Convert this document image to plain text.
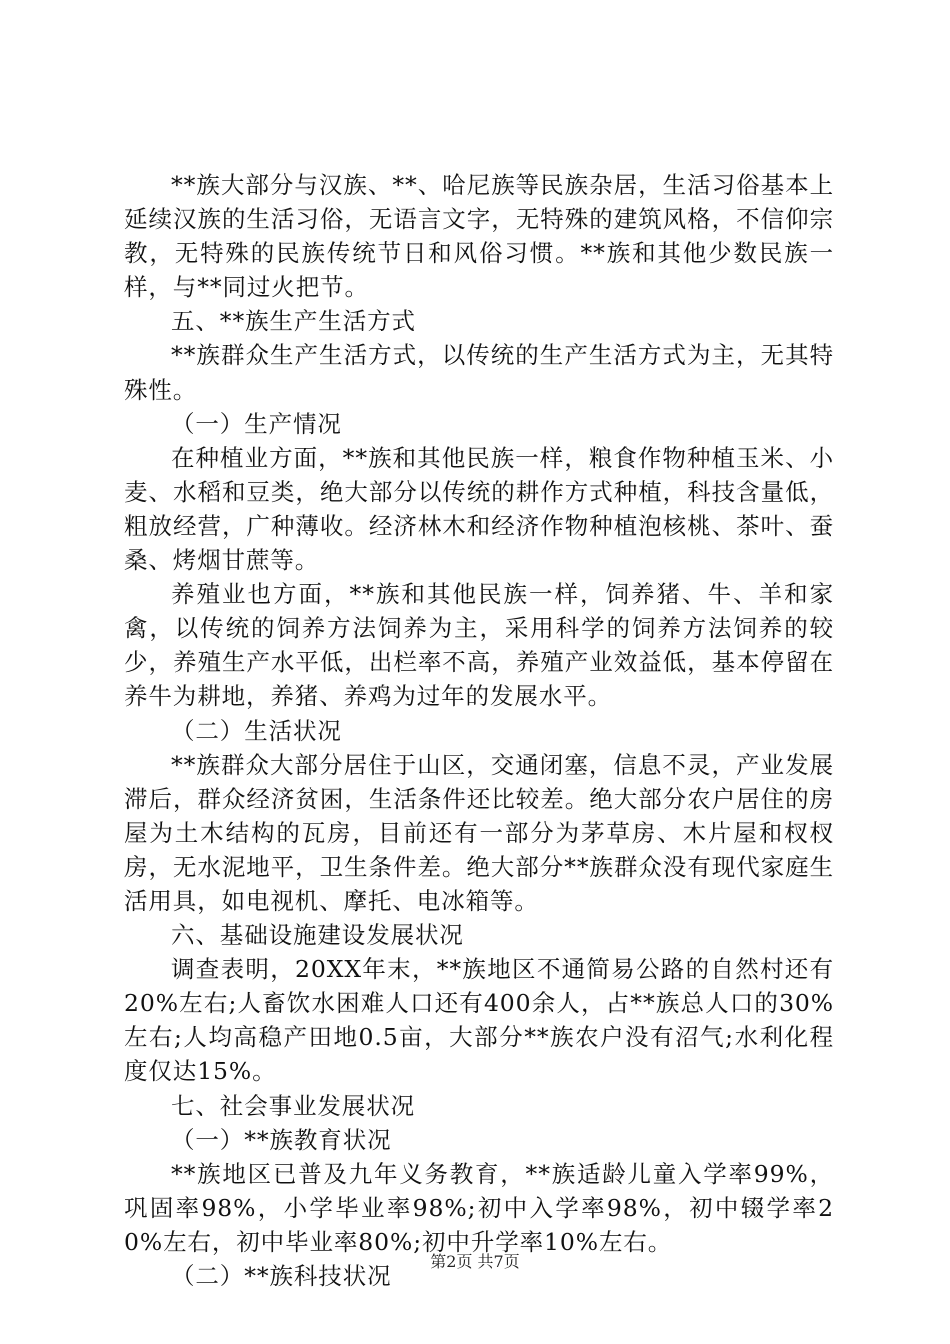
**族大部分与汉族、**、哈尼族等民族杂居，生活习俗基本上延续汉族的生活习俗，无语言文字，无特殊的建筑风格，不信仰宗教，无特殊的民族传统节日和风俗习惯。**族和其他少数民族一样，与**同过火把节。

五、**族生产生活方式

**族群众生产生活方式，以传统的生产生活方式为主，无其特殊性。

（一）生产情况

在种植业方面，**族和其他民族一样，粮食作物种植玉米、小麦、水稻和豆类，绝大部分以传统的耕作方式种植，科技含量低，粗放经营，广种薄收。经济林木和经济作物种植泡核桃、茶叶、蚕桑、烤烟甘蔗等。

养殖业也方面，**族和其他民族一样，饲养猪、牛、羊和家禽，以传统的饲养方法饲养为主，采用科学的饲养方法饲养的较少，养殖生产水平低，出栏率不高，养殖产业效益低，基本停留在养牛为耕地，养猪、养鸡为过年的发展水平。

（二）生活状况

**族群众大部分居住于山区，交通闭塞，信息不灵，产业发展滞后，群众经济贫困，生活条件还比较差。绝大部分农户居住的房屋为土木结构的瓦房，目前还有一部分为茅草房、木片屋和杈杈房，无水泥地平，卫生条件差。绝大部分**族群众没有现代家庭生活用具，如电视机、摩托、电冰箱等。

六、基础设施建设发展状况

调查表明，20XX年末，**族地区不通简易公路的自然村还有20%左右;人畜饮水困难人口还有400余人，占**族总人口的30%左右;人均高稳产田地0.5亩，大部分**族农户没有沼气;水利化程度仅达15%。

七、社会事业发展状况

（一）**族教育状况

**族地区已普及九年义务教育，**族适龄儿童入学率99%，巩固率98%，小学毕业率98%;初中入学率98%，初中辍学率20%左右，初中毕业率80%;初中升学率10%左右。

（二）**族科技状况

第2页 共7页
